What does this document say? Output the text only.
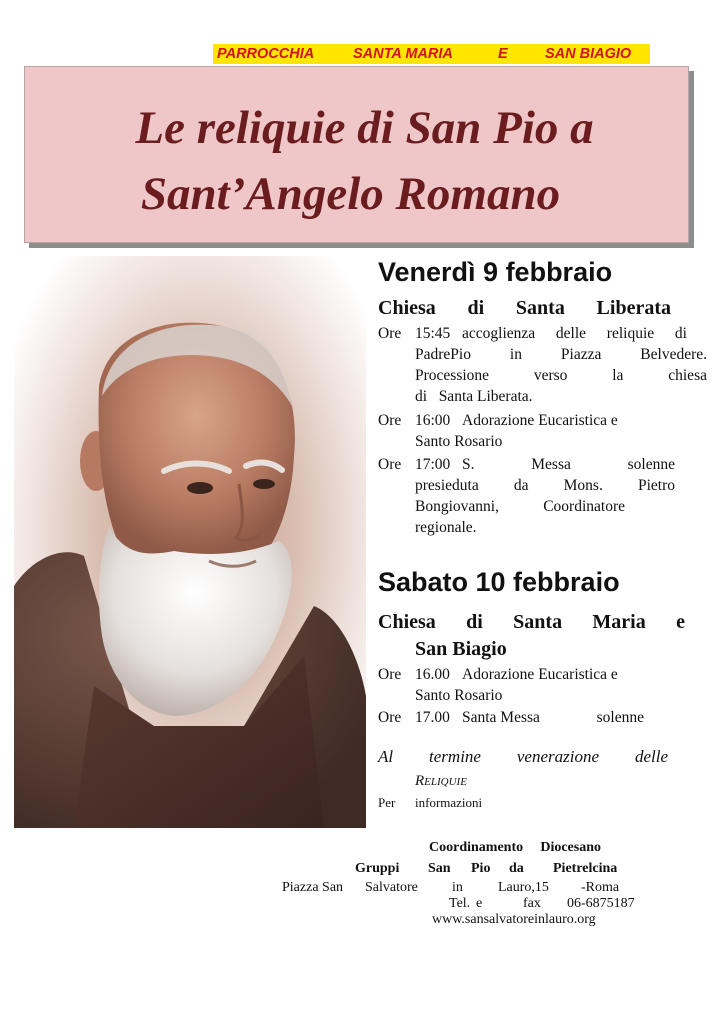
PARROCCHIA	SANTA MARIA	E	SAN BIAGIO
Le reliquie di San Pio a
Sant’Angelo Romano
Venerdì 9 febbraio
Chiesa di Santa Liberata
Ore 15:45 accoglienza delle reliquie di
PadrePio	in	Piazza	Belvedere.
Processione	verso	la	chiesa
di Santa Liberata.
Ore 16:00 Adorazione Eucaristica e
Santo Rosario
Ore 17:00 S.	Messa	solenne
presieduta da Mons. Pietro
Bongiovanni,	Coordinatore
regionale.
Sabato 10 febbraio
Chiesa di Santa Maria e
San Biagio
Ore 16.00 Adorazione Eucaristica e
Santo Rosario
Ore 17.00 Santa Messa	solenne
Al termine venerazione delle
Reliquie
Per informazioni
Coordinamento Diocesano
Gruppi San Pio da Pietrelcina
Piazza San Salvatore in	Lauro,15 -Roma
Tel. e	fax 06-6875187
www.sansalvatoreinlauro.org
